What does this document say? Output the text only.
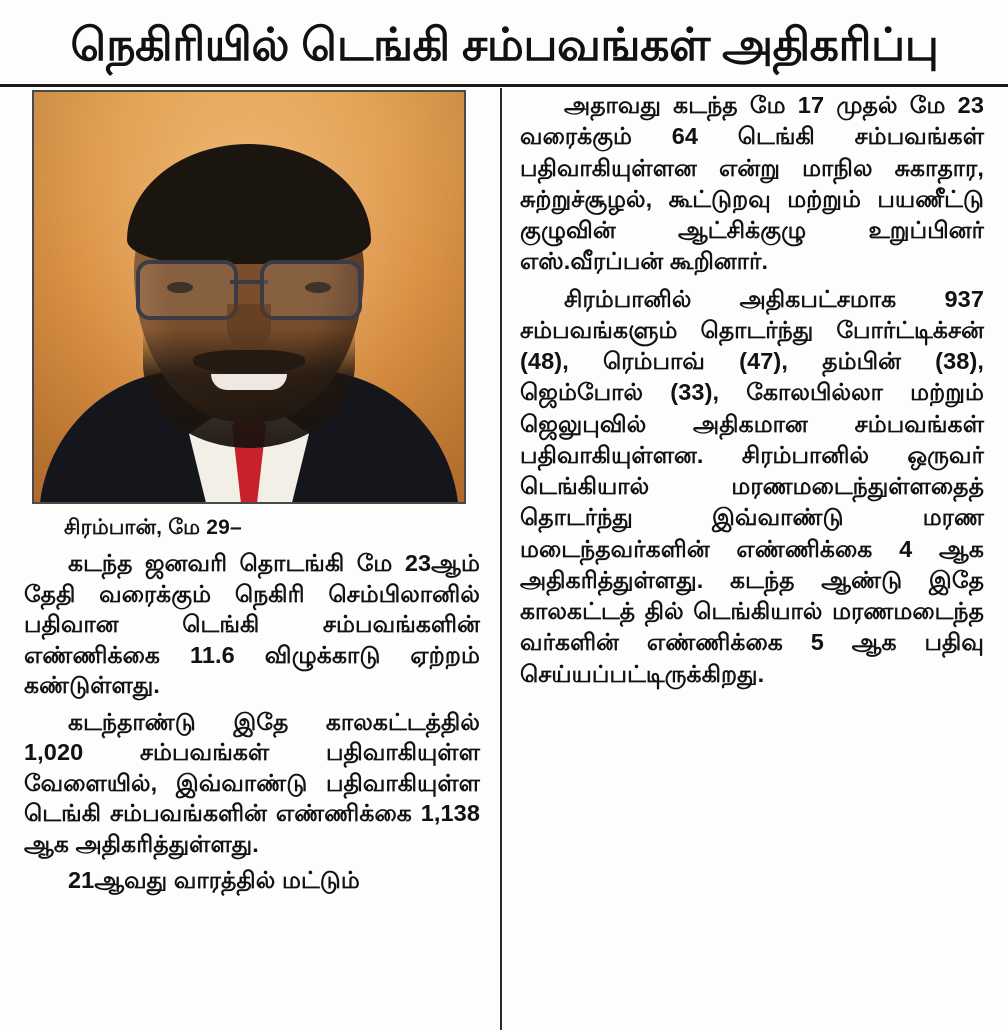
நெகிரியில் டெங்கி சம்பவங்கள் அதிகரிப்பு
சிரம்பான், மே 29–

கடந்த ஜனவரி தொடங்கி மே 23ஆம் தேதி வரைக்கும் நெகிரி செம்பிலானில் பதிவான டெங்கி சம்பவங்களின் எண்ணிக்கை 11.6 விழுக்காடு ஏற்றம் கண்டுள்ளது.

கடந்தாண்டு இதே காலகட்டத்தில் 1,020 சம்பவங்கள் பதிவாகியுள்ள வேளையில், இவ்வாண்டு பதிவாகியுள்ள டெங்கி சம்பவங்களின் எண்ணிக்கை 1,138 ஆக அதிகரித்துள்ளது.

21ஆவது வாரத்தில் மட்டும்

அதாவது கடந்த மே 17 முதல் மே 23 வரைக்கும் 64 டெங்கி சம்பவங்கள் பதிவாகியுள்ளன என்று மாநில சுகாதார, சுற்றுச்சூழல், கூட்டுறவு மற்றும் பயணீட்டு குழுவின் ஆட்சிக்குழு உறுப்பினர் எஸ்.வீரப்பன் கூறினார்.

சிரம்பானில் அதிகபட்சமாக 937 சம்பவங்களும் தொடர்ந்து போர்ட்டிக்சன் (48), ரெம்பாவ் (47), தம்பின் (38), ஜெம்போல் (33), கோலபில்லா மற்றும் ஜெலுபுவில் அதிகமான சம்பவங்கள் பதிவாகியுள்ளன. சிரம்பானில் ஒருவர் டெங்கியால் மரணமடைந்துள்ளதைத் தொடர்ந்து இவ்வாண்டு மரண மடைந்தவர்களின் எண்ணிக்கை 4 ஆக அதிகரித்துள்ளது. கடந்த ஆண்டு இதே காலகட்டத் தில் டெங்கியால் மரணமடைந்த வர்களின் எண்ணிக்கை 5 ஆக பதிவு செய்யப்பட்டிருக்கிறது.
